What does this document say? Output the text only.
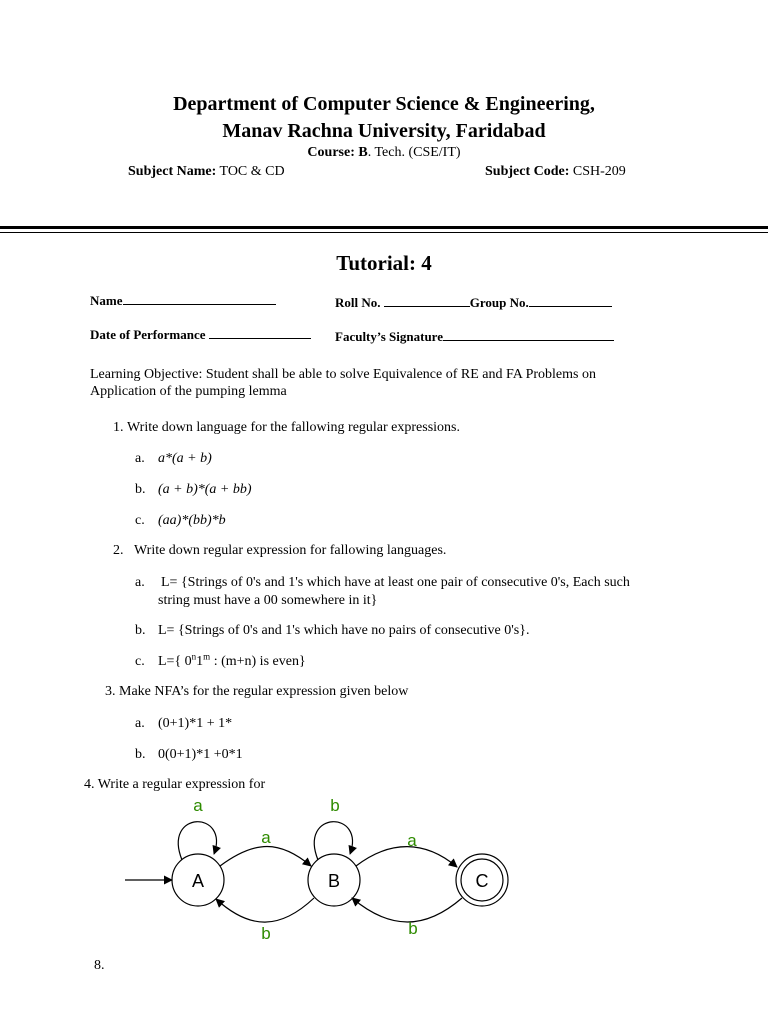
Department of Computer Science & Engineering,
Manav Rachna University, Faridabad
Course: B. Tech. (CSE/IT)
Subject Name: TOC & CD	Subject Code: CSH-209
Tutorial: 4
Name	Roll No.	Group No.
Date of Performance	Faculty’s Signature
Learning Objective: Student shall be able to solve Equivalence of RE and FA Problems on
Application of the pumping lemma
1. Write down language for the fallowing regular expressions.
a. a*(a + b)
b. (a + b)*(a + bb)
c. (aa)*(bb)*b
2. Write down regular expression for fallowing languages.
a. L= {Strings of 0's and 1's which have at least one pair of consecutive 0's, Each such
string must have a 00 somewhere in it}
b. L= {Strings of 0's and 1's which have no pairs of consecutive 0's}.
c. L={ 0$^n$1$^m$ : (m+n) is even}
3. Make NFA’s for the regular expression given below
a. (0+1)*1 + 1*
b. 0(0+1)*1 +0*1
4. Write a regular expression for
A	B	C
a
a
b
b
a
b
8.
